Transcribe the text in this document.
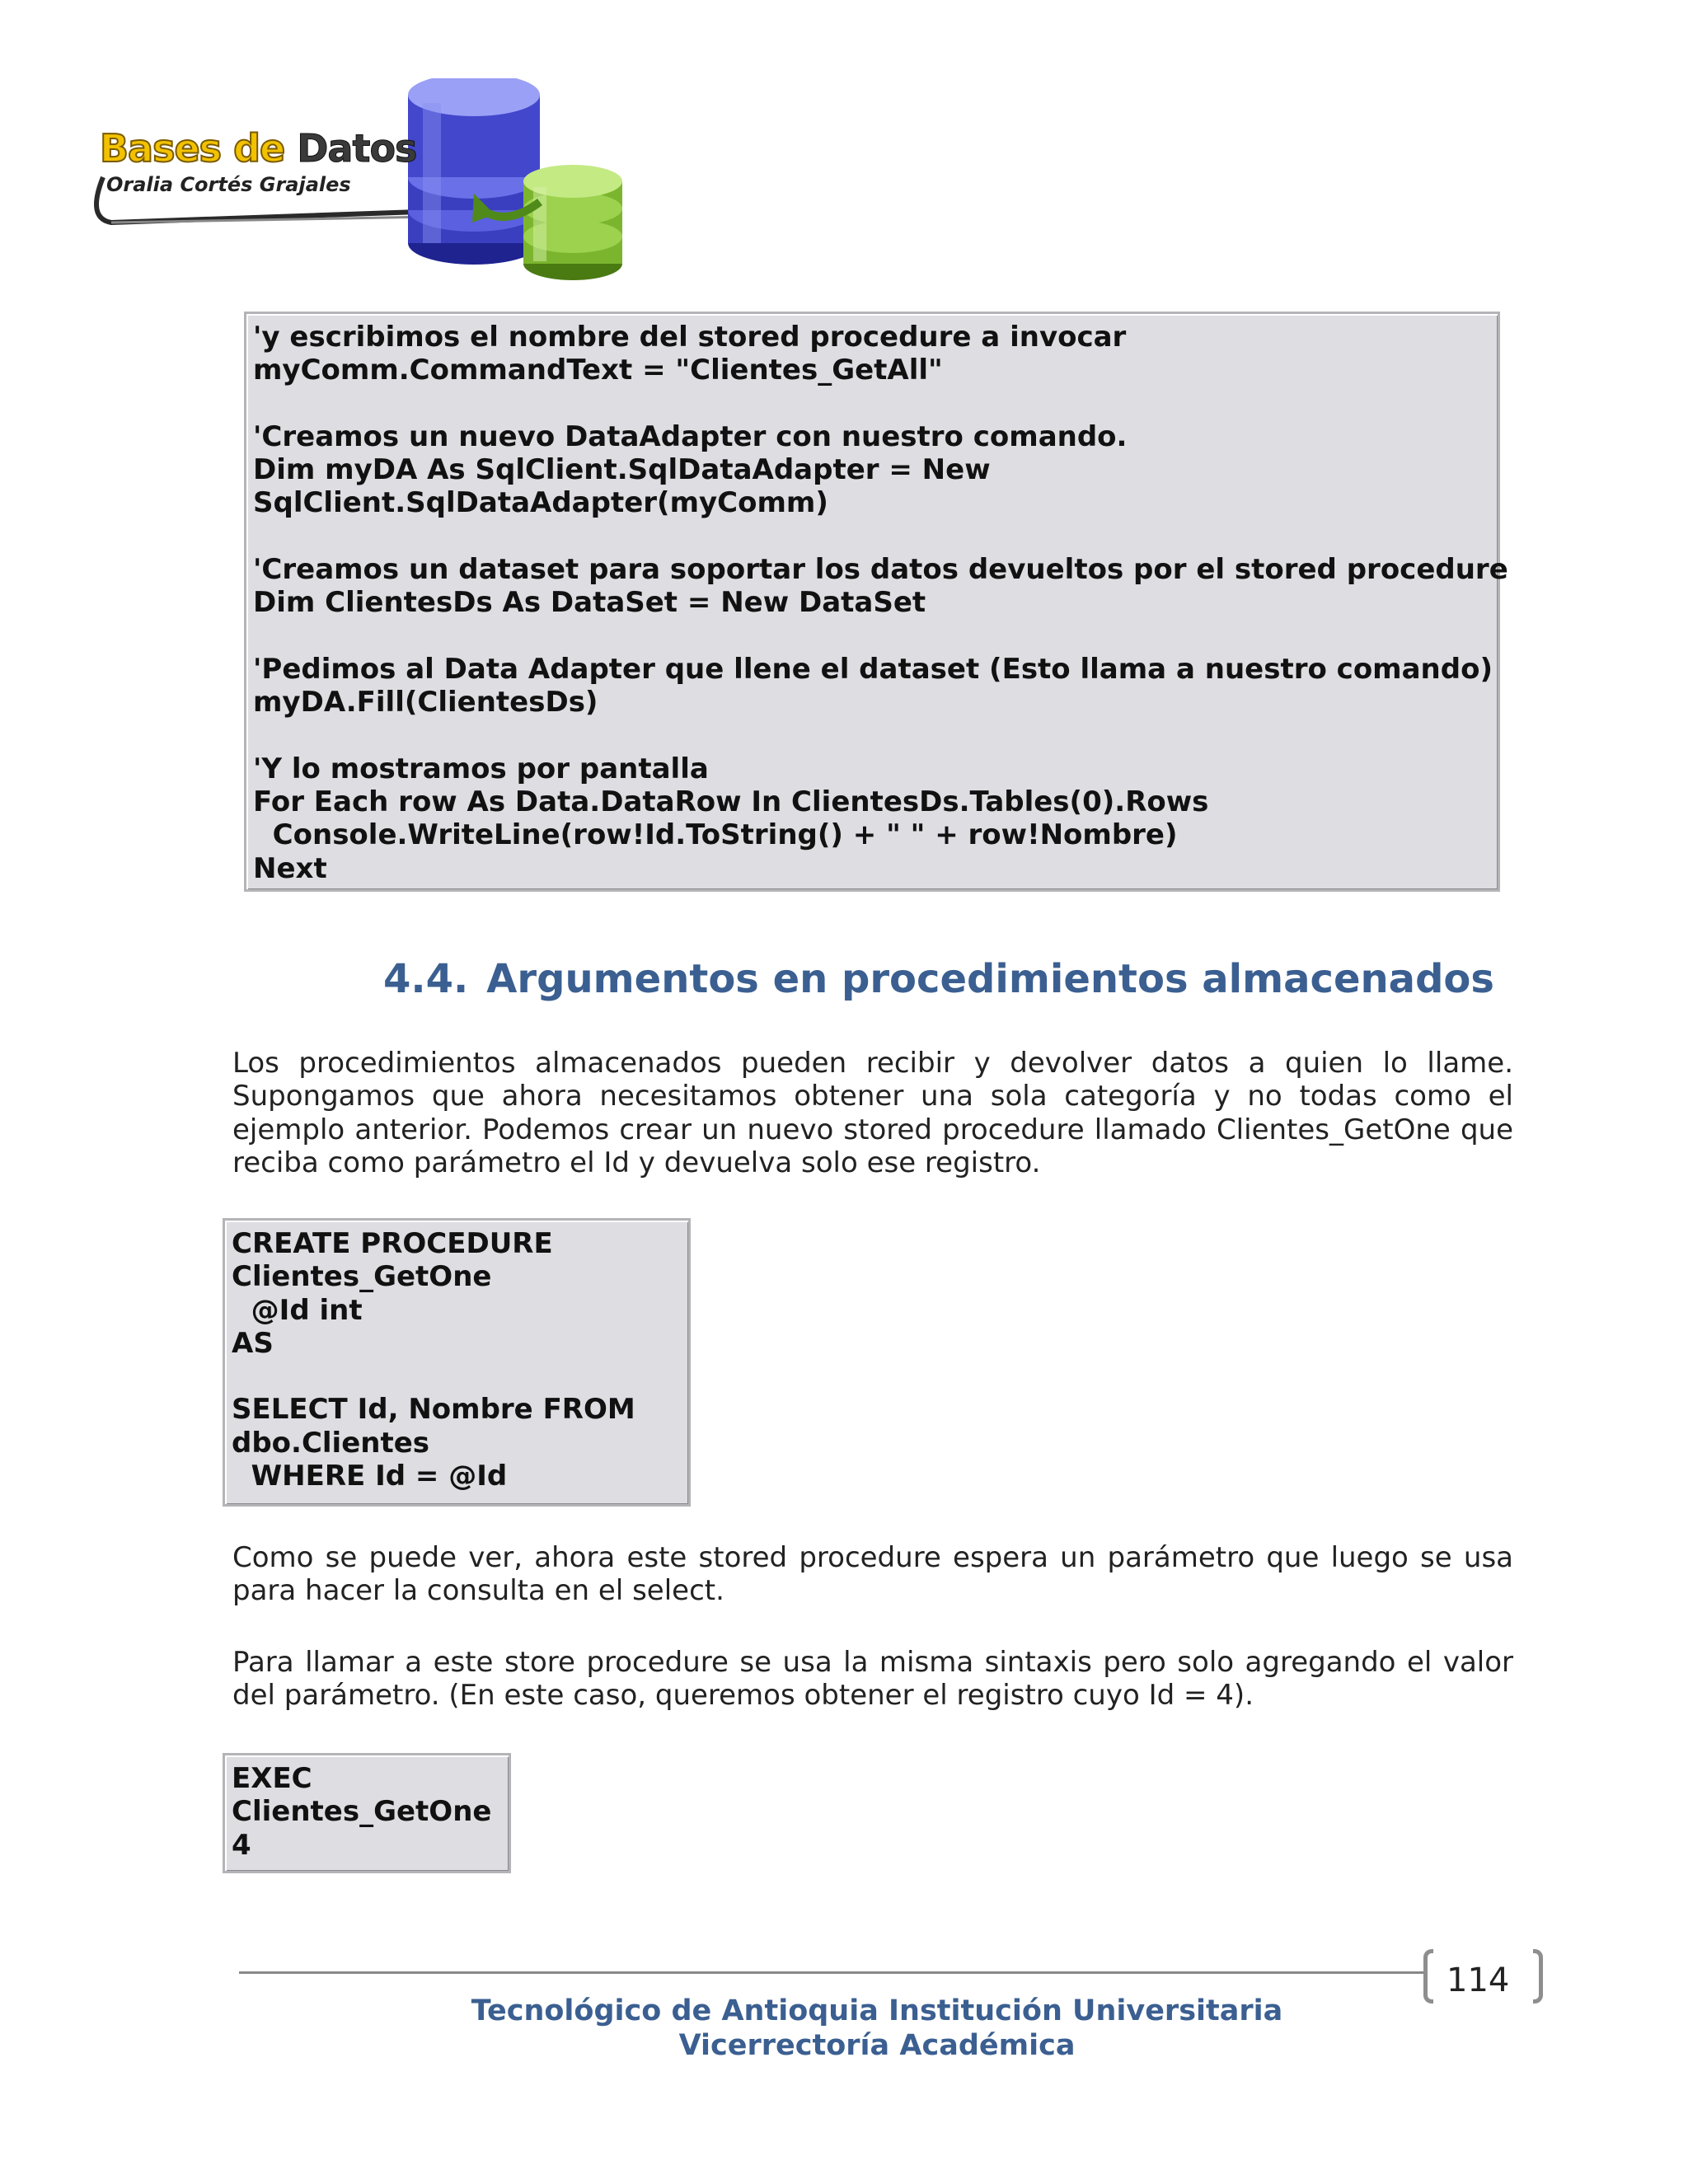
Bases de Datos
Oralia Cortés Grajales
'y escribimos el nombre del stored procedure a invocar
myComm.CommandText = "Clientes_GetAll"

'Creamos un nuevo DataAdapter con nuestro comando.
Dim myDA As SqlClient.SqlDataAdapter = New
SqlClient.SqlDataAdapter(myComm)

'Creamos un dataset para soportar los datos devueltos por el stored procedure
Dim ClientesDs As DataSet = New DataSet

'Pedimos al Data Adapter que llene el dataset (Esto llama a nuestro comando)
myDA.Fill(ClientesDs)

'Y lo mostramos por pantalla
For Each row As Data.DataRow In ClientesDs.Tables(0).Rows
Console.WriteLine(row!Id.ToString() + " " + row!Nombre)
Next
4.4. Argumentos en procedimientos almacenados

Los procedimientos almacenados pueden recibir y devolver datos a quien lo llame. Supongamos que ahora necesitamos obtener una sola categoría y no todas como el ejemplo anterior. Podemos crear un nuevo stored procedure llamado Clientes_GetOne que reciba como parámetro el Id y devuelva solo ese registro.

CREATE PROCEDURE
Clientes_GetOne
@Id int
AS

SELECT Id, Nombre FROM
dbo.Clientes
WHERE Id = @Id

Como se puede ver, ahora este stored procedure espera un parámetro que luego se usa para hacer la consulta en el select.

Para llamar a este store procedure se usa la misma sintaxis pero solo agregando el valor del parámetro. (En este caso, queremos obtener el registro cuyo Id = 4).

EXEC
Clientes_GetOne
4
114
Tecnológico de Antioquia Institución Universitaria
Vicerrectoría Académica
